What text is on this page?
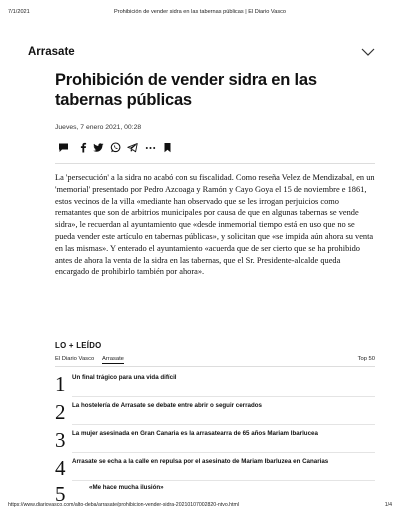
7/1/2021	Prohibición de vender sidra en las tabernas públicas | El Diario Vasco
Arrasate
Prohibición de vender sidra en las tabernas públicas
Jueves, 7 enero 2021, 00:28

La 'persecución' a la sidra no acabó con su fiscalidad. Como reseña Velez de Mendizabal, en un 'memorial' presentado por Pedro Azcoaga y Ramón y Cayo Goya el 15 de noviembre e 1861, estos vecinos de la villa «mediante han observado que se les irrogan perjuicios como rematantes que son de arbitrios municipales por causa de que en algunas tabernas se vende sidra», le recuerdan al ayuntamiento que «desde inmemorial tiempo está en uso que no se pueda vender este artículo en tabernas públicas», y solicitan que «se impida aún ahora su venta en las mismas». Y enterado el ayuntamiento «acuerda que de ser cierto que se ha prohibido antes de ahora la venta de la sidra en las tabernas, que el Sr. Presidente-alcalde queda encargado de prohibirlo también por ahora».

LO + LEÍDO
El Diario Vasco Arrasate	Top 50
1 Un final trágico para una vida difícil
2 La hostelería de Arrasate se debate entre abrir o seguir cerrados
3 La mujer asesinada en Gran Canaria es la arrasatearra de 65 años Mariam Ibarlucea
4 Arrasate se echa a la calle en repulsa por el asesinato de Mariam Ibarluzea en Canarias
5	«Me hace mucha ilusión»
https://www.diariovasco.com/alto-deba/arrasate/prohibicion-vender-sidra-20210107002820-ntvo.html	1/4
